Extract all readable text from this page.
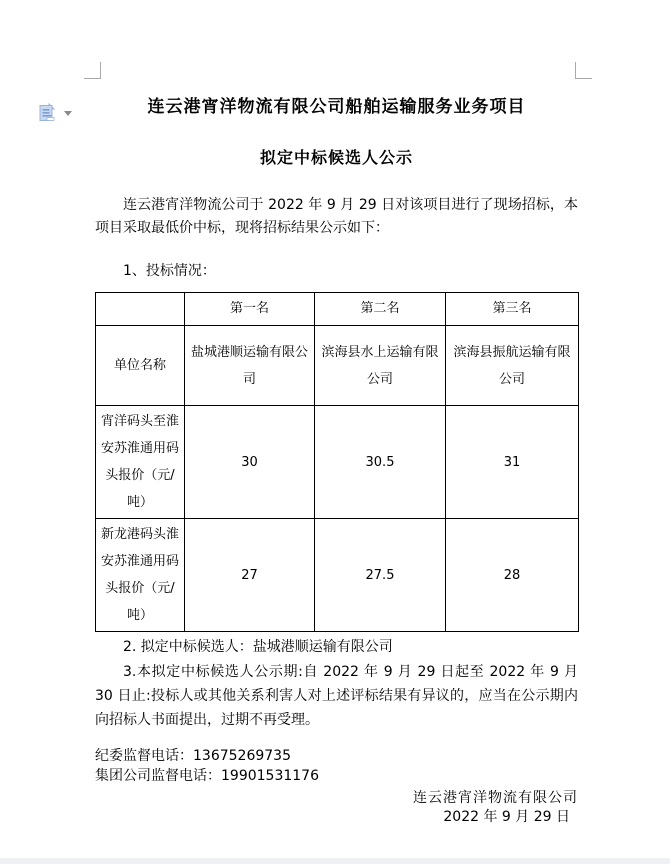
连云港宵洋物流有限公司船舶运输服务业务项目
拟定中标候选人公示

连云港宵洋物流公司于 2022 年 9 月 29 日对该项目进行了现场招标，本项目采取最低价中标，现将招标结果公示如下：

1、投标情况：

	第一名	第二名	第三名
单位名称	盐城港顺运输有限公司	滨海县水上运输有限公司	滨海县振航运输有限公司
宵洋码头至淮安苏淮通用码头报价（元/吨）	30	30.5	31
新龙港码头淮安苏淮通用码头报价（元/吨）	27	27.5	28

2. 拟定中标候选人：盐城港顺运输有限公司

3.本拟定中标候选人公示期:自 2022 年 9 月 29 日起至 2022 年 9 月 30 日止:投标人或其他关系利害人对上述评标结果有异议的，应当在公示期内向招标人书面提出，过期不再受理。

纪委监督电话：13675269735

集团公司监督电话：19901531176

连云港宵洋物流有限公司

2022 年 9 月 29 日
